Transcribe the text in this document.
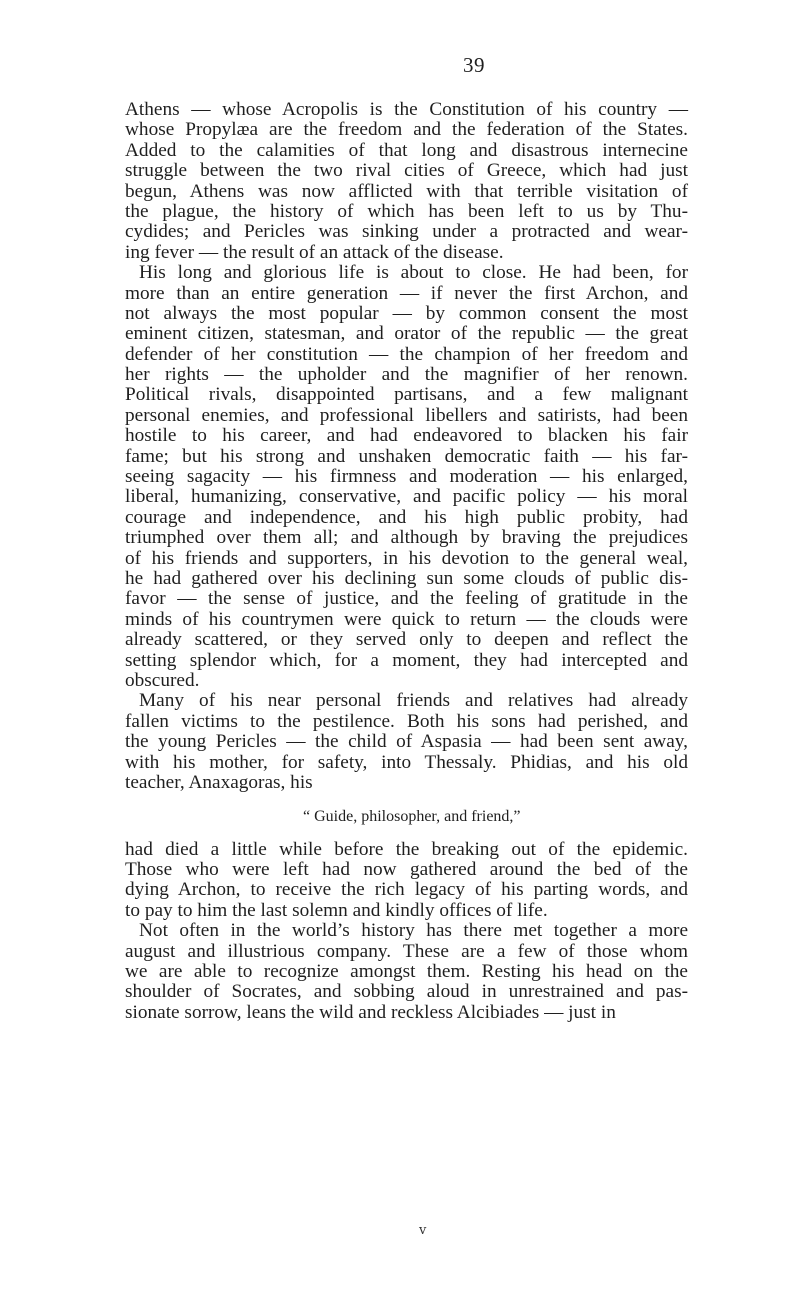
39
Athens — whose Acropolis is the Constitution of his country —
whose Propylæa are the freedom and the federation of the States.
Added to the calamities of that long and disastrous internecine
struggle between the two rival cities of Greece, which had just
begun, Athens was now afflicted with that terrible visitation of
the plague, the history of which has been left to us by Thu-
cydides; and Pericles was sinking under a protracted and wear-
ing fever — the result of an attack of the disease.
His long and glorious life is about to close. He had been, for
more than an entire generation — if never the first Archon, and
not always the most popular — by common consent the most
eminent citizen, statesman, and orator of the republic — the great
defender of her constitution — the champion of her freedom and
her rights — the upholder and the magnifier of her renown.
Political rivals, disappointed partisans, and a few malignant
personal enemies, and professional libellers and satirists, had been
hostile to his career, and had endeavored to blacken his fair
fame; but his strong and unshaken democratic faith — his far-
seeing sagacity — his firmness and moderation — his enlarged,
liberal, humanizing, conservative, and pacific policy — his moral
courage and independence, and his high public probity, had
triumphed over them all; and although by braving the prejudices
of his friends and supporters, in his devotion to the general weal,
he had gathered over his declining sun some clouds of public dis-
favor — the sense of justice, and the feeling of gratitude in the
minds of his countrymen were quick to return — the clouds were
already scattered, or they served only to deepen and reflect the
setting splendor which, for a moment, they had intercepted and
obscured.
Many of his near personal friends and relatives had already
fallen victims to the pestilence. Both his sons had perished, and
the young Pericles — the child of Aspasia — had been sent away,
with his mother, for safety, into Thessaly. Phidias, and his old
teacher, Anaxagoras, his
“ Guide, philosopher, and friend,”
had died a little while before the breaking out of the epidemic.
Those who were left had now gathered around the bed of the
dying Archon, to receive the rich legacy of his parting words, and
to pay to him the last solemn and kindly offices of life.
Not often in the world’s history has there met together a more
august and illustrious company. These are a few of those whom
we are able to recognize amongst them. Resting his head on the
shoulder of Socrates, and sobbing aloud in unrestrained and pas-
sionate sorrow, leans the wild and reckless Alcibiades — just in
ⅴ
